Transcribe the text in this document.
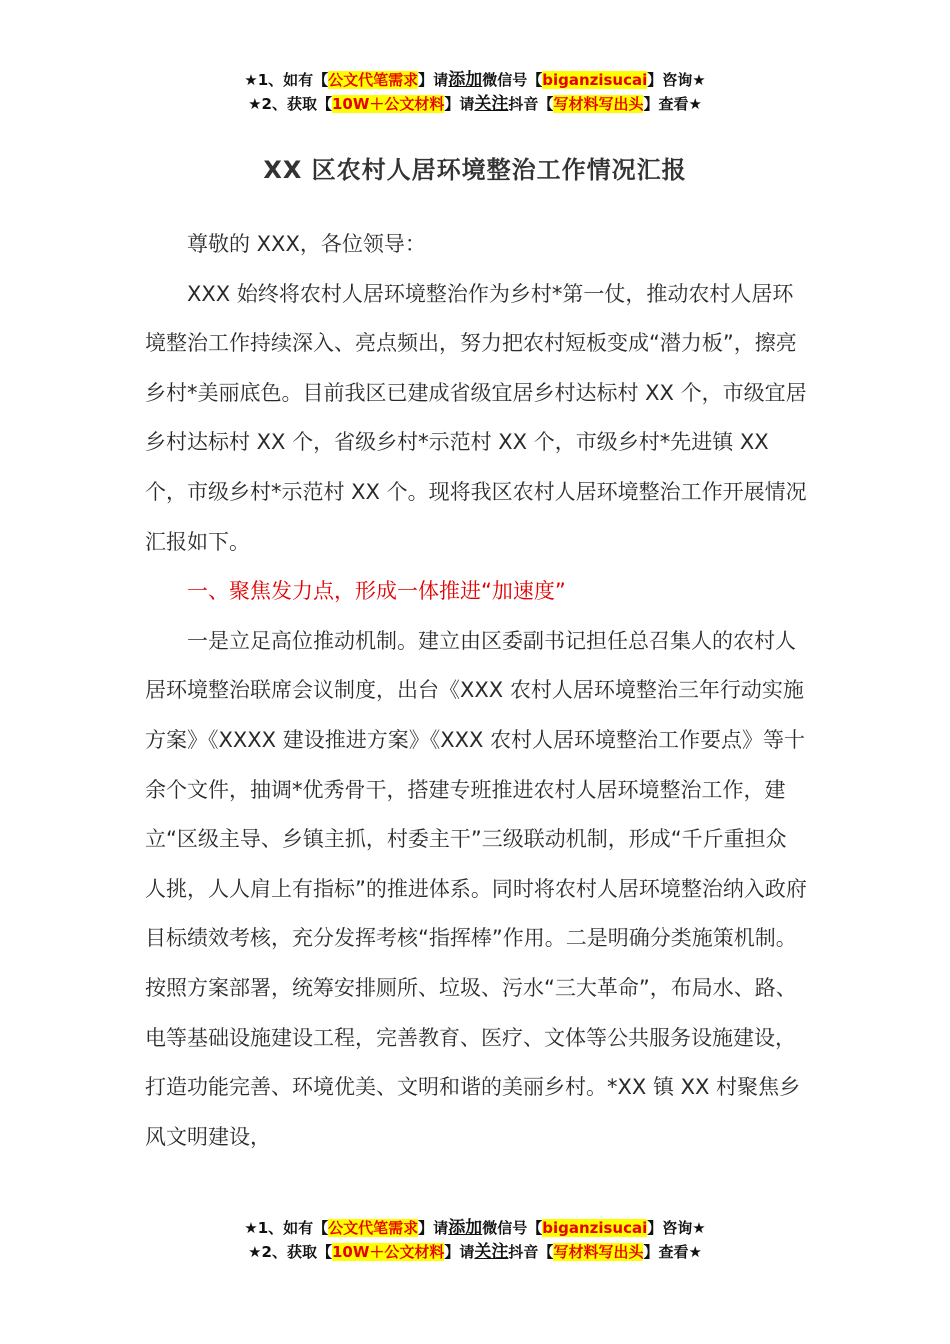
★1、如有【公文代笔需求】请添加微信号【biganzisucai】咨询★
★2、获取【10W＋公文材料】请关注抖音【写材料写出头】查看★
XX 区农村人居环境整治工作情况汇报

尊敬的 XXX，各位领导：

XXX 始终将农村人居环境整治作为乡村*第一仗，推动农村人居环境整治工作持续深入、亮点频出，努力把农村短板变成“潜力板”，擦亮乡村*美丽底色。目前我区已建成省级宜居乡村达标村 XX 个，市级宜居乡村达标村 XX 个，省级乡村*示范村 XX 个，市级乡村*先进镇 XX 个，市级乡村*示范村 XX 个。现将我区农村人居环境整治工作开展情况汇报如下。

一、聚焦发力点，形成一体推进“加速度”

一是立足高位推动机制。建立由区委副书记担任总召集人的农村人居环境整治联席会议制度，出台《XXX 农村人居环境整治三年行动实施方案》《XXXX 建设推进方案》《XXX 农村人居环境整治工作要点》等十余个文件，抽调*优秀骨干，搭建专班推进农村人居环境整治工作，建立“区级主导、乡镇主抓，村委主干”三级联动机制，形成“千斤重担众人挑，人人肩上有指标”的推进体系。同时将农村人居环境整治纳入政府目标绩效考核，充分发挥考核“指挥棒”作用。二是明确分类施策机制。按照方案部署，统筹安排厕所、垃圾、污水“三大革命”，布局水、路、电等基础设施建设工程，完善教育、医疗、文体等公共服务设施建设，打造功能完善、环境优美、文明和谐的美丽乡村。*XX 镇 XX 村聚焦乡风文明建设，

★1、如有【公文代笔需求】请添加微信号【biganzisucai】咨询★
★2、获取【10W＋公文材料】请关注抖音【写材料写出头】查看★
